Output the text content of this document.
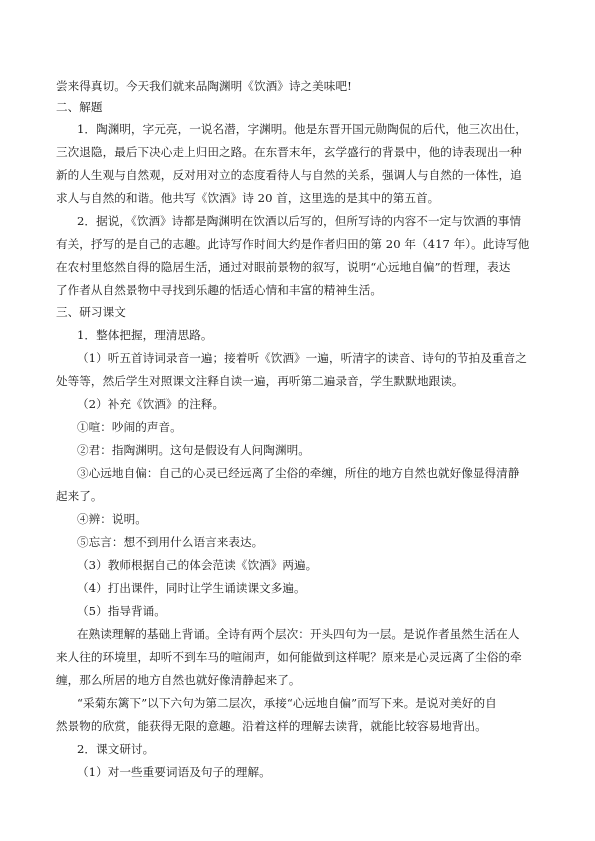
尝来得真切。今天我们就来品陶渊明《饮酒》诗之美味吧!
二、解题
1．陶渊明，字元亮，一说名潜，字渊明。他是东晋开国元勋陶侃的后代，他三次出仕，
三次退隐，最后下决心走上归田之路。在东晋末年，玄学盛行的背景中，他的诗表现出一种
新的人生观与自然观，反对用对立的态度看待人与自然的关系，强调人与自然的一体性，追
求人与自然的和谐。他共写《饮酒》诗 20 首，这里选的是其中的第五首。
2．据说，《饮酒》诗都是陶渊明在饮酒以后写的，但所写诗的内容不一定与饮酒的事情
有关，抒写的是自己的志趣。此诗写作时间大约是作者归田的第 20 年（417 年）。此诗写他
在农村里悠然自得的隐居生活，通过对眼前景物的叙写，说明“心远地自偏”的哲理，表达
了作者从自然景物中寻找到乐趣的恬适心情和丰富的精神生活。
三、研习课文
1．整体把握，理清思路。
（1）听五首诗词录音一遍；接着听《饮酒》一遍，听清字的读音、诗句的节拍及重音之
处等等，然后学生对照课文注释自读一遍，再听第二遍录音，学生默默地跟读。
（2）补充《饮酒》的注释。
①喧：吵闹的声音。
②君：指陶渊明。这句是假设有人问陶渊明。
③心远地自偏：自己的心灵已经远离了尘俗的牵缠，所住的地方自然也就好像显得清静
起来了。
④辨：说明。
⑤忘言：想不到用什么语言来表达。
（3）教师根据自己的体会范读《饮酒》两遍。
（4）打出课件，同时让学生诵读课文多遍。
（5）指导背诵。
在熟读理解的基础上背诵。全诗有两个层次：开头四句为一层。是说作者虽然生活在人
来人往的环境里，却听不到车马的喧闹声，如何能做到这样呢？原来是心灵远离了尘俗的牵
缠，那么所居的地方自然也就好像清静起来了。
“采菊东篱下”以下六句为第二层次，承接“心远地自偏”而写下来。是说对美好的自
然景物的欣赏，能获得无限的意趣。沿着这样的理解去读背，就能比较容易地背出。
2．课文研讨。
（1）对一些重要词语及句子的理解。
